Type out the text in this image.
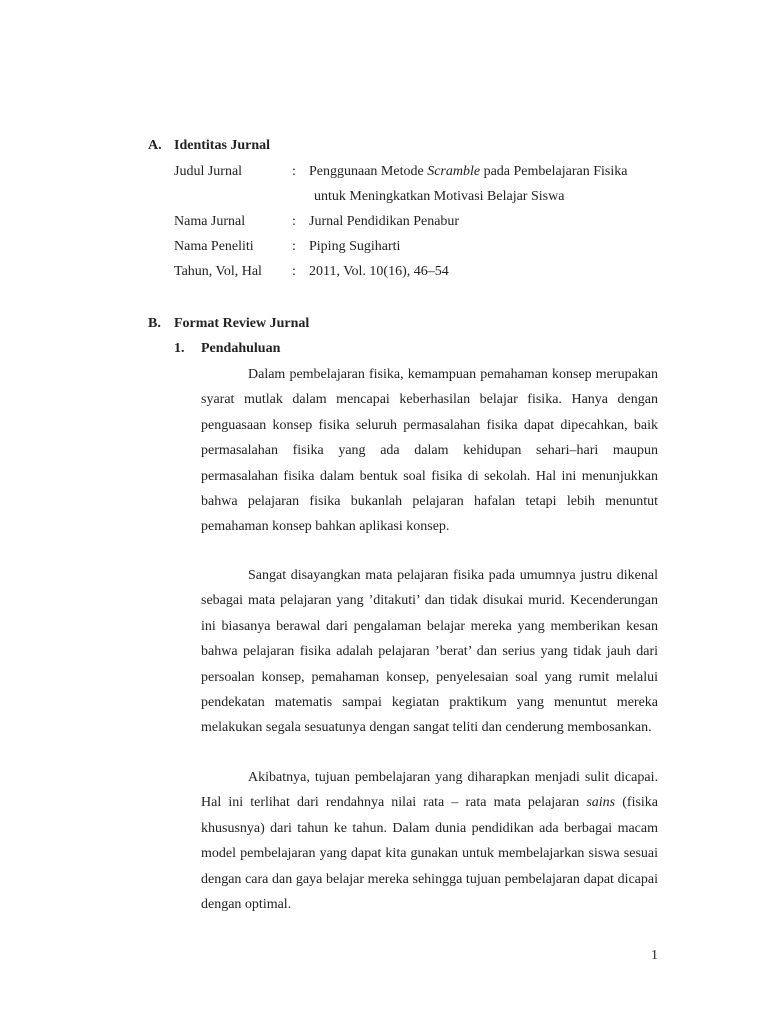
A. Identitas Jurnal
Judul Jurnal	: Penggunaan Metode Scramble pada Pembelajaran Fisika
untuk Meningkatkan Motivasi Belajar Siswa
Nama Jurnal	: Jurnal Pendidikan Penabur
Nama Peneliti	: Piping Sugiharti
Tahun, Vol, Hal : 2011, Vol. 10(16), 46–54
B. Format Review Jurnal
1. Pendahuluan

Dalam pembelajaran fisika, kemampuan pemahaman konsep merupakan syarat mutlak dalam mencapai keberhasilan belajar fisika. Hanya dengan penguasaan konsep fisika seluruh permasalahan fisika dapat dipecahkan, baik permasalahan fisika yang ada dalam kehidupan sehari–hari maupun permasalahan fisika dalam bentuk soal fisika di sekolah. Hal ini menunjukkan bahwa pelajaran fisika bukanlah pelajaran hafalan tetapi lebih menuntut pemahaman konsep bahkan aplikasi konsep.

Sangat disayangkan mata pelajaran fisika pada umumnya justru dikenal sebagai mata pelajaran yang ’ditakuti’ dan tidak disukai murid. Kecenderungan ini biasanya berawal dari pengalaman belajar mereka yang memberikan kesan bahwa pelajaran fisika adalah pelajaran ’berat’ dan serius yang tidak jauh dari persoalan konsep, pemahaman konsep, penyelesaian soal yang rumit melalui pendekatan matematis sampai kegiatan praktikum yang menuntut mereka melakukan segala sesuatunya dengan sangat teliti dan cenderung membosankan.

Akibatnya, tujuan pembelajaran yang diharapkan menjadi sulit dicapai. Hal ini terlihat dari rendahnya nilai rata – rata mata pelajaran sains (fisika khususnya) dari tahun ke tahun. Dalam dunia pendidikan ada berbagai macam model pembelajaran yang dapat kita gunakan untuk membelajarkan siswa sesuai dengan cara dan gaya belajar mereka sehingga tujuan pembelajaran dapat dicapai dengan optimal.

1
